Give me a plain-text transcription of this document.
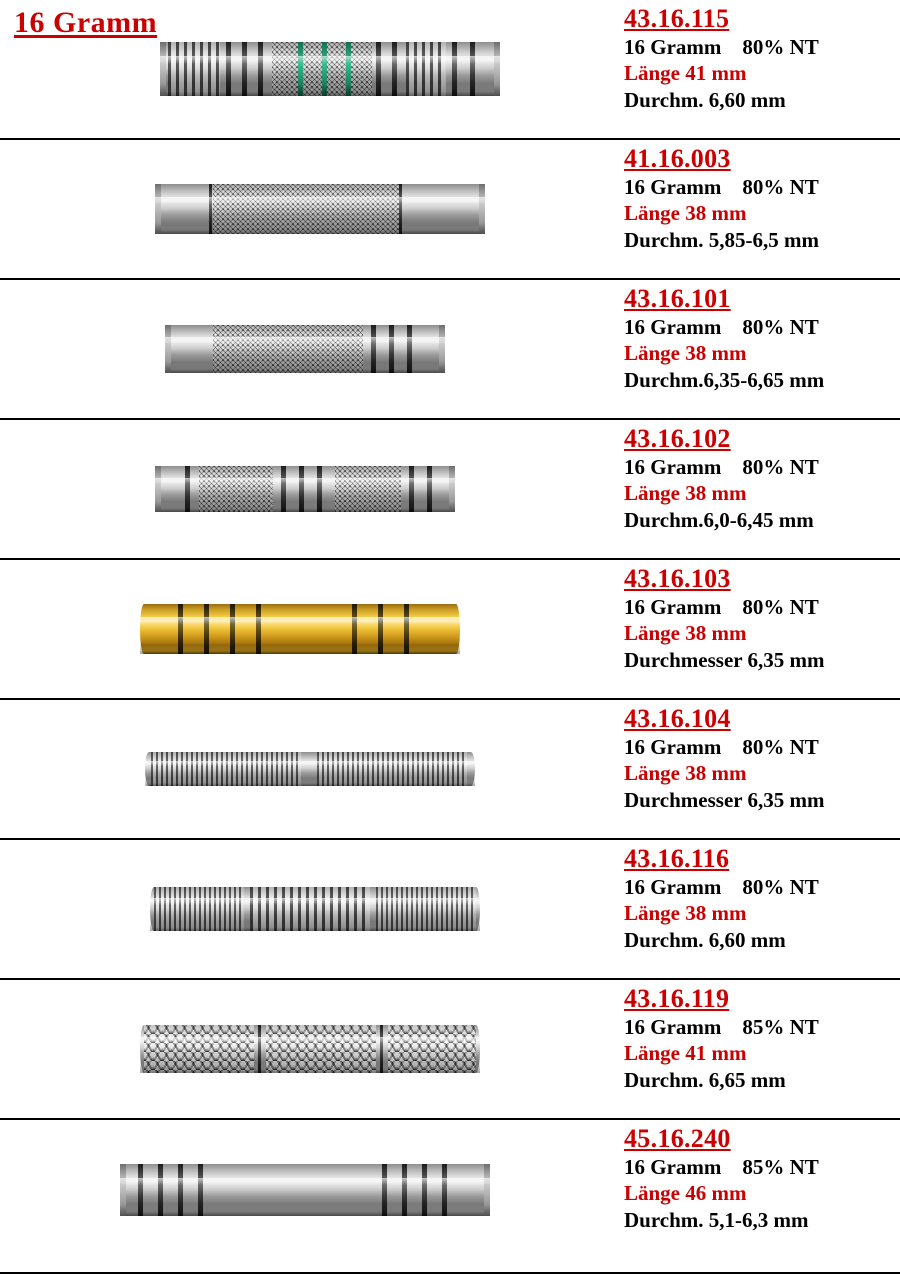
16 Gramm	43.16.115
16 Gramm    80% NT
Länge 41 mm
Durchm. 6,60 mm
41.16.003
16 Gramm    80% NT
Länge 38 mm
Durchm. 5,85-6,5 mm
43.16.101
16 Gramm    80% NT
Länge 38 mm
Durchm.6,35-6,65 mm
43.16.102
16 Gramm    80% NT
Länge 38 mm
Durchm.6,0-6,45 mm
43.16.103
16 Gramm    80% NT
Länge 38 mm
Durchmesser 6,35 mm
43.16.104
16 Gramm    80% NT
Länge 38 mm
Durchmesser 6,35 mm
43.16.116
16 Gramm    80% NT
Länge 38 mm
Durchm. 6,60 mm
43.16.119
16 Gramm    85% NT
Länge 41 mm
Durchm. 6,65 mm
45.16.240
16 Gramm    85% NT
Länge 46 mm
Durchm. 5,1-6,3 mm
